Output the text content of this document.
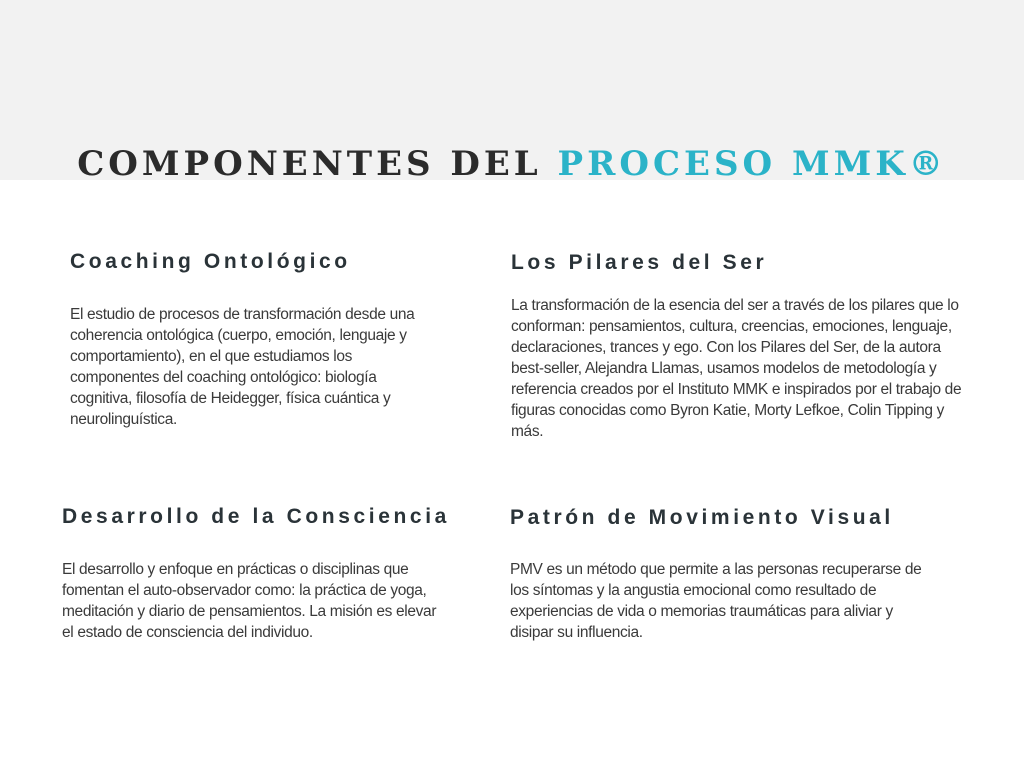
COMPONENTES DEL PROCESO MMK®
Coaching Ontológico

El estudio de procesos de transformación desde una coherencia ontológica (cuerpo, emoción, lenguaje y comportamiento), en el que estudiamos los componentes del coaching ontológico: biología cognitiva, filosofía de Heidegger, física cuántica y neurolinguística.

Los Pilares del Ser

La transformación de la esencia del ser a través de los pilares que lo conforman: pensamientos, cultura, creencias, emociones, lenguaje, declaraciones, trances y ego. Con los Pilares del Ser, de la autora best-seller, Alejandra Llamas, usamos modelos de metodología y referencia creados por el Instituto MMK e inspirados por el trabajo de figuras conocidas como Byron Katie, Morty Lefkoe, Colin Tipping y más.

Desarrollo de la Consciencia

El desarrollo y enfoque en prácticas o disciplinas que fomentan el auto-observador como: la práctica de yoga, meditación y diario de pensamientos. La misión es elevar el estado de consciencia del individuo.

Patrón de Movimiento Visual

PMV es un método que permite a las personas recuperarse de los síntomas y la angustia emocional como resultado de experiencias de vida o memorias traumáticas para aliviar y disipar su influencia.
